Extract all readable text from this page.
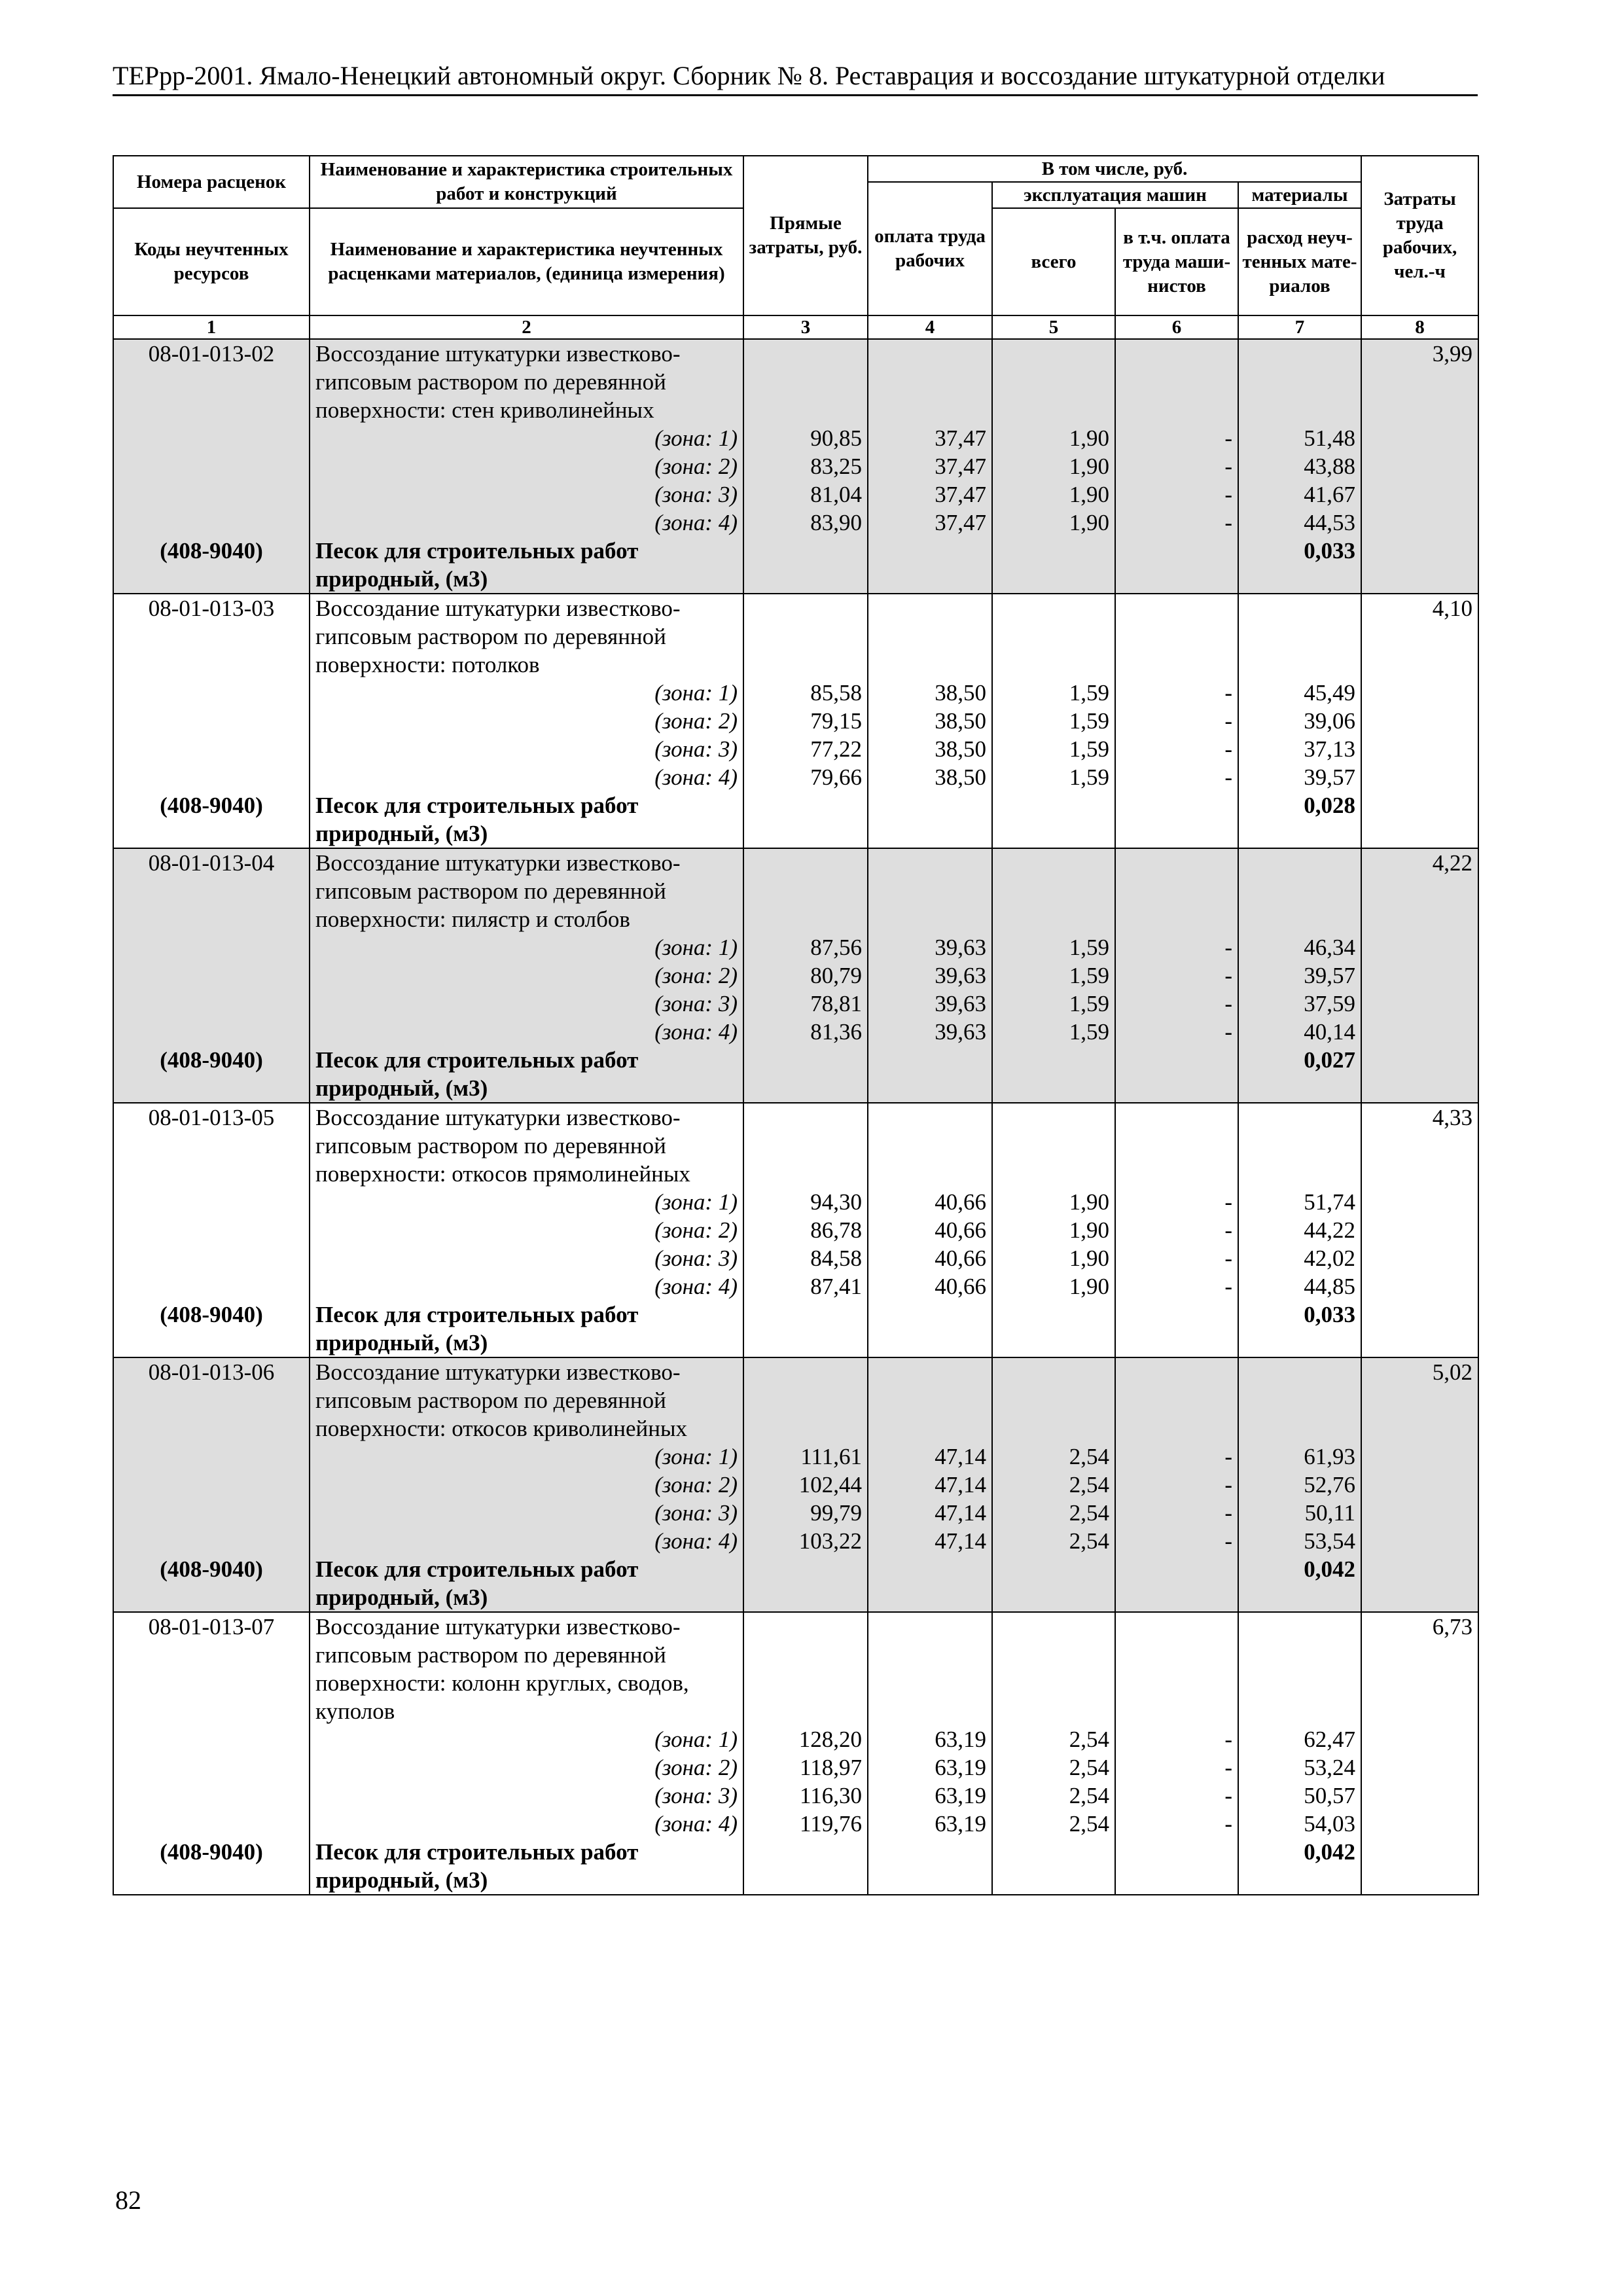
ТЕРрр-2001. Ямало-Ненецкий автономный округ. Сборник № 8. Реставрация и воссоздание штукатурной отделки
Номера расценок	Наименование и характеристика строительных работ и конструкций	Прямые затраты, руб.	В том числе, руб.				Затраты труда рабочих, чел.-ч
			оплата труда рабочих	эксплуатация машин		материалы	
Коды неучтенных ресурсов	Наименование и характеристика неучтенных расценками материалов, (единица измерения)			всего	в т.ч. оплата труда маши-нистов	расход неуч-тенных мате-риалов	

1	2	3	4	5	6	7	8
08-01-013-02	Воссоздание штукатурки известково-						3,99
	гипсовым раствором по деревянной						
	поверхности: стен криволинейных						
	(зона: 1)	90,85	37,47	1,90	-	51,48	
	(зона: 2)	83,25	37,47	1,90	-	43,88	
	(зона: 3)	81,04	37,47	1,90	-	41,67	
	(зона: 4)	83,90	37,47	1,90	-	44,53	
(408-9040)	Песок для строительных работ					0,033	
	природный, (м3)						
08-01-013-03	Воссоздание штукатурки известково-						4,10
	гипсовым раствором по деревянной						
	поверхности: потолков						
	(зона: 1)	85,58	38,50	1,59	-	45,49	
	(зона: 2)	79,15	38,50	1,59	-	39,06	
	(зона: 3)	77,22	38,50	1,59	-	37,13	
	(зона: 4)	79,66	38,50	1,59	-	39,57	
(408-9040)	Песок для строительных работ					0,028	
	природный, (м3)						
08-01-013-04	Воссоздание штукатурки известково-						4,22
	гипсовым раствором по деревянной						
	поверхности: пилястр и столбов						
	(зона: 1)	87,56	39,63	1,59	-	46,34	
	(зона: 2)	80,79	39,63	1,59	-	39,57	
	(зона: 3)	78,81	39,63	1,59	-	37,59	
	(зона: 4)	81,36	39,63	1,59	-	40,14	
(408-9040)	Песок для строительных работ					0,027	
	природный, (м3)						
08-01-013-05	Воссоздание штукатурки известково-						4,33
	гипсовым раствором по деревянной						
	поверхности: откосов прямолинейных						
	(зона: 1)	94,30	40,66	1,90	-	51,74	
	(зона: 2)	86,78	40,66	1,90	-	44,22	
	(зона: 3)	84,58	40,66	1,90	-	42,02	
	(зона: 4)	87,41	40,66	1,90	-	44,85	
(408-9040)	Песок для строительных работ					0,033	
	природный, (м3)						
08-01-013-06	Воссоздание штукатурки известково-						5,02
	гипсовым раствором по деревянной						
	поверхности: откосов криволинейных						
	(зона: 1)	111,61	47,14	2,54	-	61,93	
	(зона: 2)	102,44	47,14	2,54	-	52,76	
	(зона: 3)	99,79	47,14	2,54	-	50,11	
	(зона: 4)	103,22	47,14	2,54	-	53,54	
(408-9040)	Песок для строительных работ					0,042	
	природный, (м3)						
08-01-013-07	Воссоздание штукатурки известково-						6,73
	гипсовым раствором по деревянной						
	поверхности: колонн круглых, сводов,						
	куполов						
	(зона: 1)	128,20	63,19	2,54	-	62,47	
	(зона: 2)	118,97	63,19	2,54	-	53,24	
	(зона: 3)	116,30	63,19	2,54	-	50,57	
	(зона: 4)	119,76	63,19	2,54	-	54,03	
(408-9040)	Песок для строительных работ					0,042	
	природный, (м3)						
82
